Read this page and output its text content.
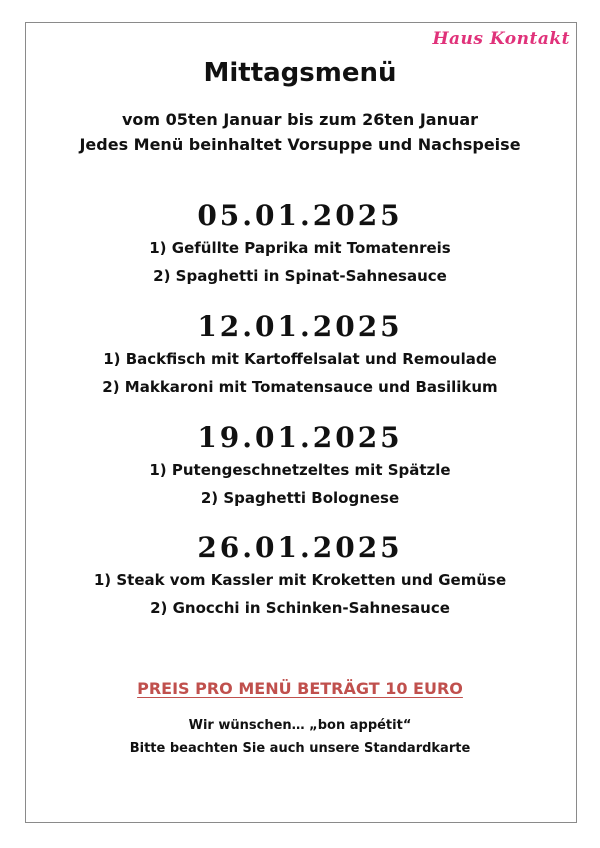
Haus Kontakt
Mittagsmenü
vom 05ten Januar bis zum 26ten Januar
Jedes Menü beinhaltet Vorsuppe und Nachspeise
05.01.2025
1) Gefüllte Paprika mit Tomatenreis
2) Spaghetti in Spinat-Sahnesauce
12.01.2025
1) Backfisch mit Kartoffelsalat und Remoulade
2) Makkaroni mit Tomatensauce und Basilikum
19.01.2025
1) Putengeschnetzeltes mit Spätzle
2) Spaghetti Bolognese
26.01.2025
1) Steak vom Kassler mit Kroketten und Gemüse
2) Gnocchi in Schinken-Sahnesauce
PREIS PRO MENÜ BETRÄGT 10 EURO
Wir wünschen… „bon appétit“
Bitte beachten Sie auch unsere Standardkarte
